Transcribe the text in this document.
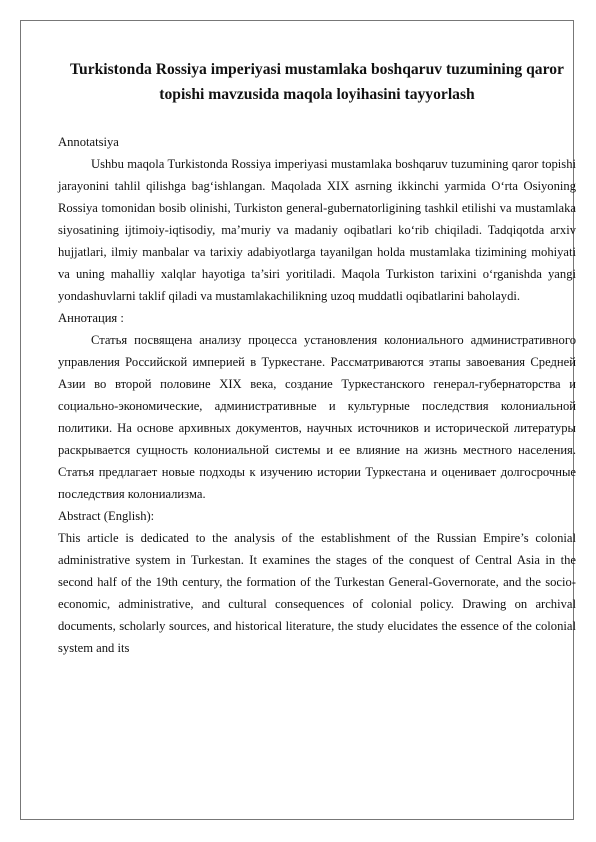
Turkistonda Rossiya imperiyasi mustamlaka boshqaruv tuzumining qaror topishi mavzusida maqola loyihasini tayyorlash

Annotatsiya

Ushbu maqola Turkistonda Rossiya imperiyasi mustamlaka boshqaruv tuzumining qaror topishi jarayonini tahlil qilishga bag‘ishlangan. Maqolada XIX asrning ikkinchi yarmida O‘rta Osiyoning Rossiya tomonidan bosib olinishi, Turkiston general-gubernatorligining tashkil etilishi va mustamlaka siyosatining ijtimoiy-iqtisodiy, ma’muriy va madaniy oqibatlari ko‘rib chiqiladi. Tadqiqotda arxiv hujjatlari, ilmiy manbalar va tarixiy adabiyotlarga tayanilgan holda mustamlaka tizimining mohiyati va uning mahalliy xalqlar hayotiga ta’siri yoritiladi. Maqola Turkiston tarixini o‘rganishda yangi yondashuvlarni taklif qiladi va mustamlakachilikning uzoq muddatli oqibatlarini baholaydi.

Аннотация :

Статья посвящена анализу процесса установления колониального административного управления Российской империей в Туркестане. Рассматриваются этапы завоевания Средней Азии во второй половине XIX века, создание Туркестанского генерал-губернаторства и социально-экономические, административные и культурные последствия колониальной политики. На основе архивных документов, научных источников и исторической литературы раскрывается сущность колониальной системы и ее влияние на жизнь местного населения. Статья предлагает новые подходы к изучению истории Туркестана и оценивает долгосрочные последствия колониализма.

Abstract (English):

This article is dedicated to the analysis of the establishment of the Russian Empire’s colonial administrative system in Turkestan. It examines the stages of the conquest of Central Asia in the second half of the 19th century, the formation of the Turkestan General-Governorate, and the socio-economic, administrative, and cultural consequences of colonial policy. Drawing on archival documents, scholarly sources, and historical literature, the study elucidates the essence of the colonial system and its
